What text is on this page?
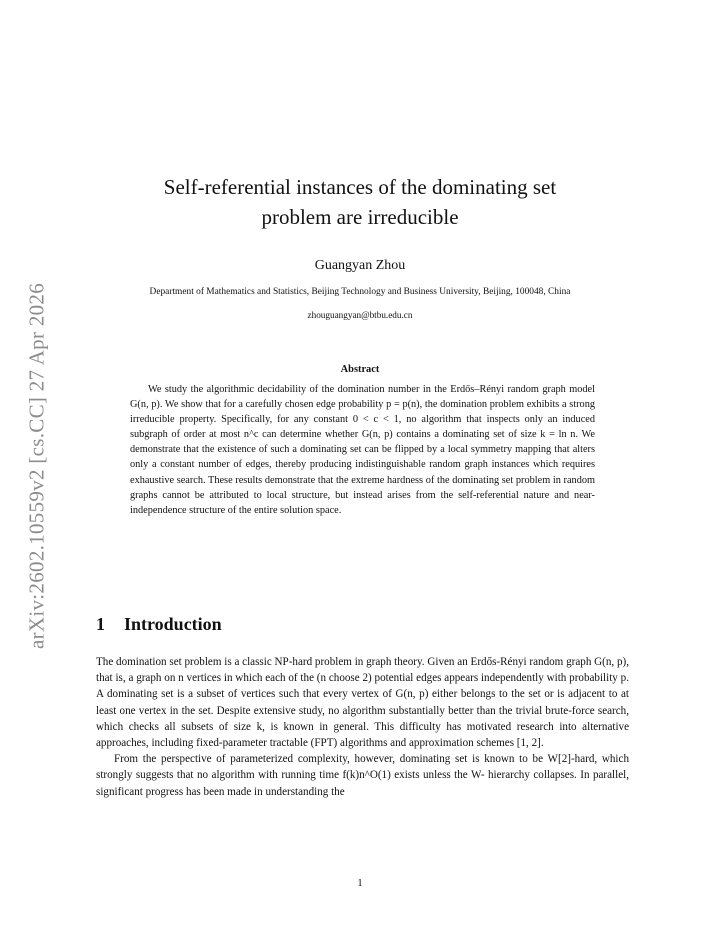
arXiv:2602.10559v2 [cs.CC] 27 Apr 2026
Self-referential instances of the dominating set
problem are irreducible
Guangyan Zhou
Department of Mathematics and Statistics, Beijing Technology and Business University, Beijing, 100048, China
zhouguangyan@btbu.edu.cn
Abstract

We study the algorithmic decidability of the domination number in the Erdős–Rényi random graph model G(n, p). We show that for a carefully chosen edge probability p = p(n), the domination problem exhibits a strong irreducible property. Specifically, for any constant 0 < c < 1, no algorithm that inspects only an induced subgraph of order at most n^c can determine whether G(n, p) contains a dominating set of size k = ln n. We demonstrate that the existence of such a dominating set can be flipped by a local symmetry mapping that alters only a constant number of edges, thereby producing indistinguishable random graph instances which requires exhaustive search. These results demonstrate that the extreme hardness of the dominating set problem in random graphs cannot be attributed to local structure, but instead arises from the self-referential nature and near-independence structure of the entire solution space.

1 Introduction

The domination set problem is a classic NP-hard problem in graph theory. Given an Erdős-Rényi random graph G(n, p), that is, a graph on n vertices in which each of the (n choose 2) potential edges appears independently with probability p. A dominating set is a subset of vertices such that every vertex of G(n, p) either belongs to the set or is adjacent to at least one vertex in the set. Despite extensive study, no algorithm substantially better than the trivial brute-force search, which checks all subsets of size k, is known in general. This difficulty has motivated research into alternative approaches, including fixed-parameter tractable (FPT) algorithms and approximation schemes [1, 2].

From the perspective of parameterized complexity, however, dominating set is known to be W[2]-hard, which strongly suggests that no algorithm with running time f(k)n^O(1) exists unless the W- hierarchy collapses. In parallel, significant progress has been made in understanding the

1
